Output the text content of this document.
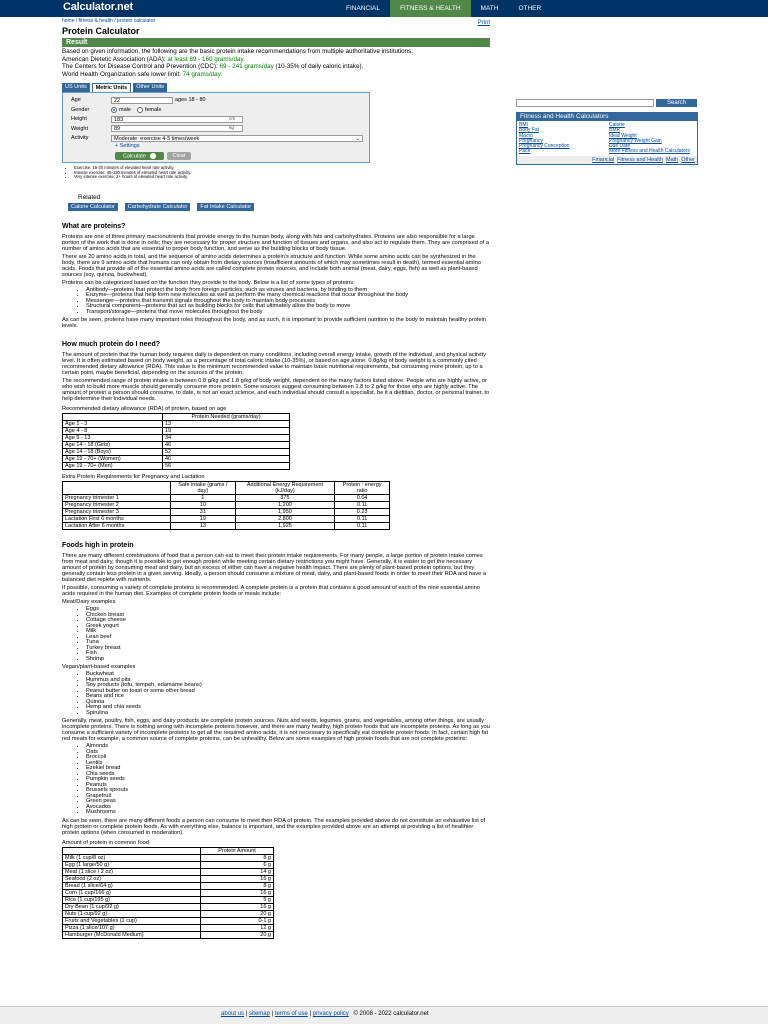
Calculator.net	FINANCIAL	FITNESS & HEALTH	MATH	OTHER
home / fitness & health / protein calculator	Print
Protein Calculator
Result
Based on given information, the following are the basic protein intake recommendations from multiple authoritative institutions:
American Dietetic Association (ADA): at least 89 - 160 grams/day.
The Centers for Disease Control and Prevention (CDC): 69 - 241 grams/day (10-35% of daily caloric intake).
World Health Organization safe lower limit: 74 grams/day.
US Units	Metric Units	Other Units
Age	22	ages 18 - 80
Gender	male	female
Height	183	cm
Weight	89	kg
Activity	Moderate: exercise 4-5 times/week	⌄
+ Settings
Calculate	Clear
• Exercise: 15-30 minutes of elevated heart rate activity.
• Intense exercise: 45-120 minutes of elevated heart rate activity.
• Very intense exercise: 2+ hours of elevated heart rate activity.
Related
Calorie Calculator	Carbohydrate Calculator	Fat Intake Calculator
What are proteins?
Proteins are one of three primary macronutrients that provide energy to the human body, along with fats and carbohydrates. Proteins are also responsible for a large portion of the work that is done in cells; they are necessary for proper structure and function of tissues and organs, and also act to regulate them. They are comprised of a number of amino acids that are essential to proper body function, and serve as the building blocks of body tissue.
There are 20 amino acids in total, and the sequence of amino acids determines a protein's structure and function. While some amino acids can be synthesized in the body, there are 9 amino acids that humans can only obtain from dietary sources (insufficient amounts of which may sometimes result in death), termed essential amino acids. Foods that provide all of the essential amino acids are called complete protein sources, and include both animal (meat, dairy, eggs, fish) as well as plant-based sources (soy, quinoa, buckwheat).
Proteins can be categorized based on the function they provide to the body. Below is a list of some types of proteins:
• Antibody—proteins that protect the body from foreign particles, such as viruses and bacteria, by binding to them
• Enzyme—proteins that help form new molecules as well as perform the many chemical reactions that occur throughout the body
• Messenger—proteins that transmit signals throughout the body to maintain body processes
• Structural component—proteins that act as building blocks for cells that ultimately allow the body to move
• Transport/storage—proteins that move molecules throughout the body
As can be seen, proteins have many important roles throughout the body, and as such, it is important to provide sufficient nutrition to the body to maintain healthy protein levels.
How much protein do I need?
The amount of protein that the human body requires daily is dependent on many conditions, including overall energy intake, growth of the individual, and physical activity level. It is often estimated based on body weight, as a percentage of total caloric intake (10-35%), or based on age alone. 0.8g/kg of body weight is a commonly cited recommended dietary allowance (RDA). This value is the minimum recommended value to maintain basic nutritional requirements, but consuming more protein, up to a certain point, maybe beneficial, depending on the sources of the protein.
The recommended range of protein intake is between 0.8 g/kg and 1.8 g/kg of body weight, dependent on the many factors listed above. People who are highly active, or who wish to build more muscle should generally consume more protein. Some sources suggest consuming between 1.8 to 2 g/kg for those who are highly active. The amount of protein a person should consume, to date, is not an exact science, and each individual should consult a specialist, be it a dietitian, doctor, or personal trainer, to help determine their individual needs.
Recommended dietary allowance (RDA) of protein, based on age
	Protein Needed (grams/day)
Age 1 - 3	13
Age 4 - 8	19
Age 9 - 13	34
Age 14 - 18 (Girls)	46
Age 14 - 18 (Boys)	52
Age 19 - 70+ (Women)	46
Age 19 - 70+ (Men)	56
Extra Protein Requirements for Pregnancy and Lactation
	Safe intake (grams / day)	Additional Energy Requirement (kJ/day)	Protein : energy ratio
Pregnancy trimester 1	1	375	0.04
Pregnancy trimester 2	10	1,200	0.11
Pregnancy trimester 3	31	1,950	0.23
Lactation First 6 months	19	2,800	0.11
Lactation After 6 months	13	1,925	0.11
Foods high in protein
There are many different combinations of food that a person can eat to meet their protein intake requirements. For many people, a large portion of protein intake comes from meat and dairy, though it is possible to get enough protein while meeting certain dietary restrictions you might have. Generally, it is easier to get the necessary amount of protein by consuming meat and dairy, but an excess of either can have a negative health impact. There are plenty of plant-based protein options, but they generally contain less protein in a given serving. Ideally, a person should consume a mixture of meat, dairy, and plant-based foods in order to meet their RDA and have a balanced diet replete with nutrients.
If possible, consuming a variety of complete proteins is recommended. A complete protein is a protein that contains a good amount of each of the nine essential amino acids required in the human diet. Examples of complete protein foods or meals include:
Meat/Dairy examples
• Eggs
• Chicken breast
• Cottage cheese
• Greek yogurt
• Milk
• Lean beef
• Tuna
• Turkey breast
• Fish
• Shrimp
Vegan/plant-based examples
• Buckwheat
• Hummus and pita
• Soy products (tofu, tempeh, edamame beans)
• Peanut butter on toast or some other bread
• Beans and rice
• Quinoa
• Hemp and chia seeds
• Spirulina
Generally, meat, poultry, fish, eggs, and dairy products are complete protein sources. Nuts and seeds, legumes, grains, and vegetables, among other things, are usually incomplete proteins. There is nothing wrong with incomplete proteins however, and there are many healthy, high protein foods that are incomplete proteins. As long as you consume a sufficient variety of incomplete proteins to get all the required amino acids, it is not necessary to specifically eat complete protein foods. In fact, certain high fat red meats for example, a common source of complete proteins, can be unhealthy. Below are some examples of high protein foods that are not complete proteins:
• Almonds
• Oats
• Broccoli
• Lentils
• Ezekiel bread
• Chia seeds
• Pumpkin seeds
• Peanuts
• Brussels sprouts
• Grapefruit
• Green peas
• Avocados
• Mushrooms
As can be seen, there are many different foods a person can consume to meet their RDA of protein. The examples provided above do not constitute an exhaustive list of high protein or complete protein foods. As with everything else, balance is important, and the examples provided above are an attempt at providing a list of healthier protein options (when consumed in moderation).
Amount of protein in common food
	Protein Amount
Milk (1 cup/8 oz)	8 g
Egg (1 large/50 g)	6 g
Meat (1 slice / 2 oz)	14 g
Seafood (2 oz)	16 g
Bread (1 slice/64 g)	8 g
Corn (1 cup/166 g)	16 g
Rice (1 cup/195 g)	5 g
Dry Bean (1 cup/92 g)	16 g
Nuts (1 cup/92 g)	20 g
Fruits and Vegetables (1 cup)	0-1 g
Pizza (1 slice/107 g)	12 g
Hamburger (McDonald Medium)	20 g
Search
Fitness and Health Calculators
BMI	Calorie
Body Fat	BMR
Macro	Ideal Weight
Pregnancy	Pregnancy Weight Gain
Pregnancy Conception	Due Date
Pace	More Fitness and Health Calculators
Financial Fitness and Health Math Other
about us | sitemap | terms of use | privacy policy © 2008 - 2022 calculator.net
